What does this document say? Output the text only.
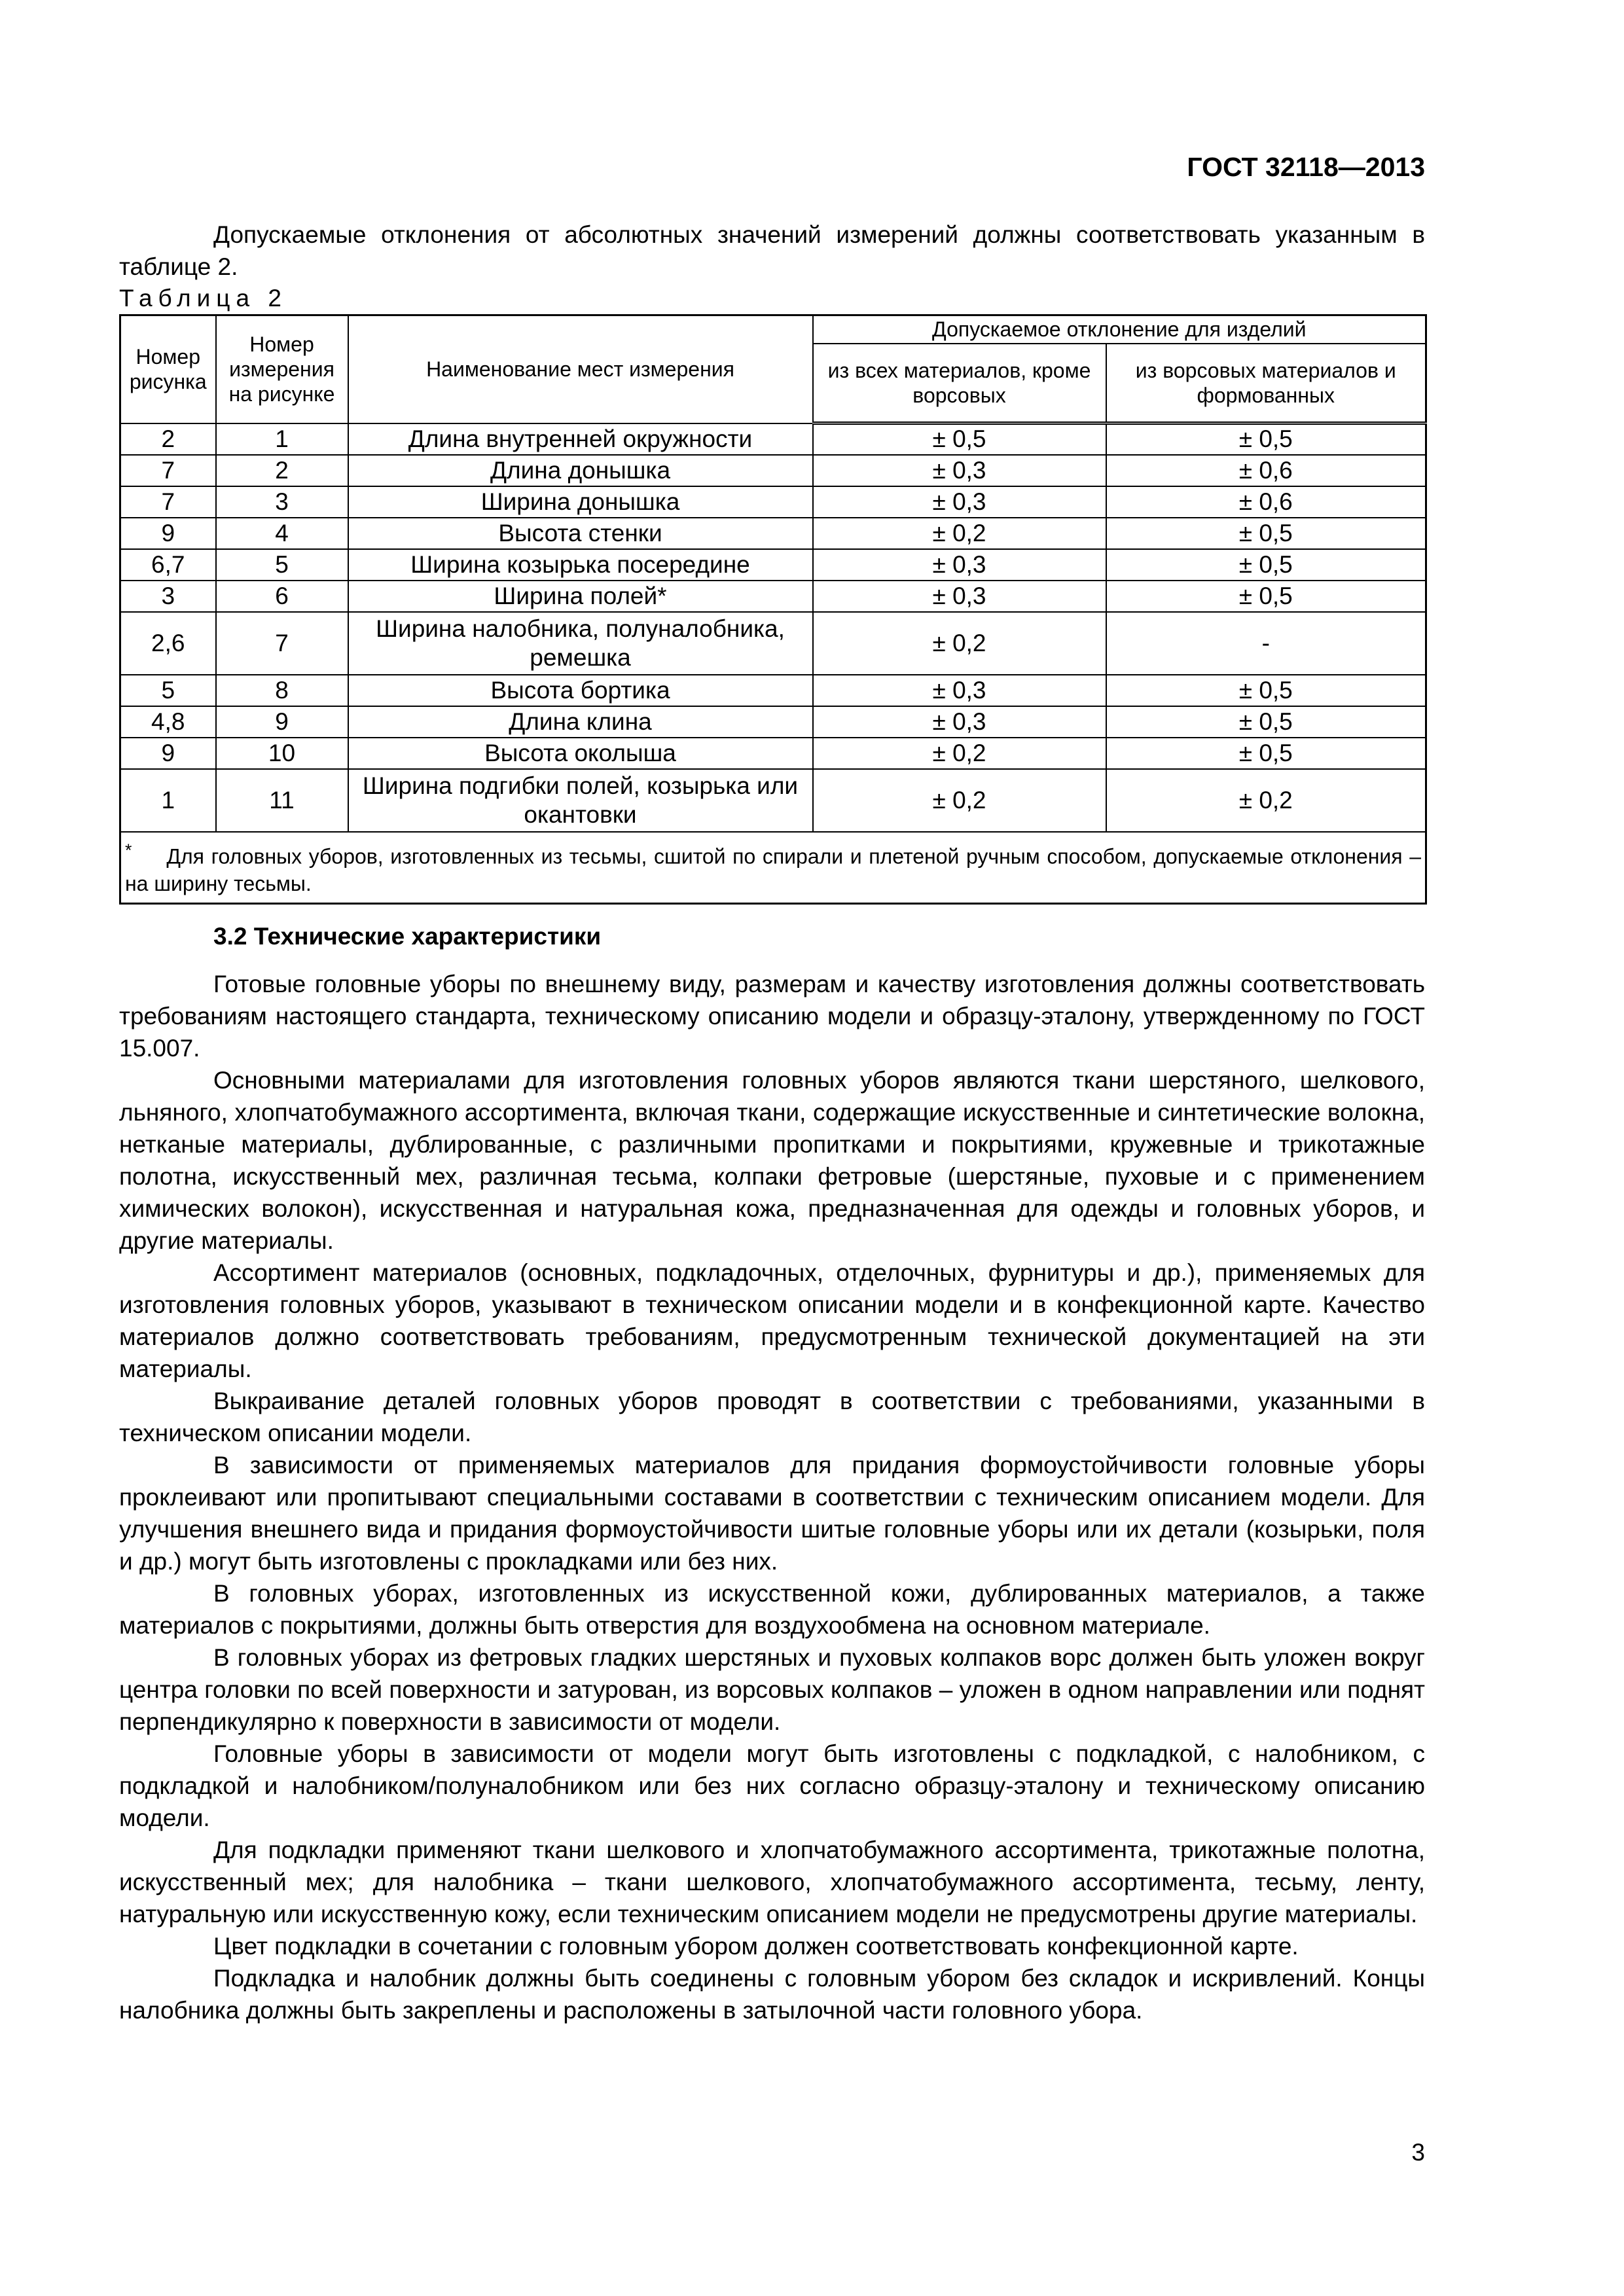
ГОСТ 32118—2013

Допускаемые отклонения от абсолютных значений измерений должны соответствовать указанным в таблице 2.

Таблица 2

Номер рисунка	Номер измерения на рисунке	Наименование мест измерения	Допускаемое отклонение для изделий	
			из всех материалов, кроме ворсовых	из ворсовых материалов и формованных
2	1	Длина внутренней окружности	± 0,5	± 0,5
7	2	Длина донышка	± 0,3	± 0,6
7	3	Ширина донышка	± 0,3	± 0,6
9	4	Высота стенки	± 0,2	± 0,5
6,7	5	Ширина козырька посередине	± 0,3	± 0,5
3	6	Ширина полей*	± 0,3	± 0,5
2,6	7	Ширина налобника, полуналобника, ремешка	± 0,2	-
5	8	Высота бортика	± 0,3	± 0,5
4,8	9	Длина клина	± 0,3	± 0,5
9	10	Высота околыша	± 0,2	± 0,5
1	11	Ширина подгибки полей, козырька или окантовки	± 0,2	± 0,2

* Для головных уборов, изготовленных из тесьмы, сшитой по спирали и плетеной ручным способом, допускаемые отклонения – на ширину тесьмы.				
3.2 Технические характеристики

Готовые головные уборы по внешнему виду, размерам и качеству изготовления должны соответствовать требованиям настоящего стандарта, техническому описанию модели и образцу-эталону, утвержденному по ГОСТ 15.007.

Основными материалами для изготовления головных уборов являются ткани шерстяного, шелкового, льняного, хлопчатобумажного ассортимента, включая ткани, содержащие искусственные и синтетические волокна, нетканые материалы, дублированные, с различными пропитками и покрытиями, кружевные и трикотажные полотна, искусственный мех, различная тесьма, колпаки фетровые (шерстяные, пуховые и с применением химических волокон), искусственная и натуральная кожа, предназначенная для одежды и головных уборов, и другие материалы.

Ассортимент материалов (основных, подкладочных, отделочных, фурнитуры и др.), применяемых для изготовления головных уборов, указывают в техническом описании модели и в конфекционной карте. Качество материалов должно соответствовать требованиям, предусмотренным технической документацией на эти материалы.

Выкраивание деталей головных уборов проводят в соответствии с требованиями, указанными в техническом описании модели.

В зависимости от применяемых материалов для придания формоустойчивости головные уборы проклеивают или пропитывают специальными составами в соответствии с техническим описанием модели. Для улучшения внешнего вида и придания формоустойчивости шитые головные уборы или их детали (козырьки, поля и др.) могут быть изготовлены с прокладками или без них.

В головных уборах, изготовленных из искусственной кожи, дублированных материалов, а также материалов с покрытиями, должны быть отверстия для воздухообмена на основном материале.

В головных уборах из фетровых гладких шерстяных и пуховых колпаков ворс должен быть уложен вокруг центра головки по всей поверхности и затурован, из ворсовых колпаков – уложен в одном направлении или поднят перпендикулярно к поверхности в зависимости от модели.

Головные уборы в зависимости от модели могут быть изготовлены с подкладкой, с налобником, с подкладкой и налобником/полуналобником или без них согласно образцу-эталону и техническому описанию модели.

Для подкладки применяют ткани шелкового и хлопчатобумажного ассортимента, трикотажные полотна, искусственный мех; для налобника – ткани шелкового, хлопчатобумажного ассортимента, тесьму, ленту, натуральную или искусственную кожу, если техническим описанием модели не предусмотрены другие материалы.

Цвет подкладки в сочетании с головным убором должен соответствовать конфекционной карте.

Подкладка и налобник должны быть соединены с головным убором без складок и искривлений. Концы налобника должны быть закреплены и расположены в затылочной части головного убора.

3
